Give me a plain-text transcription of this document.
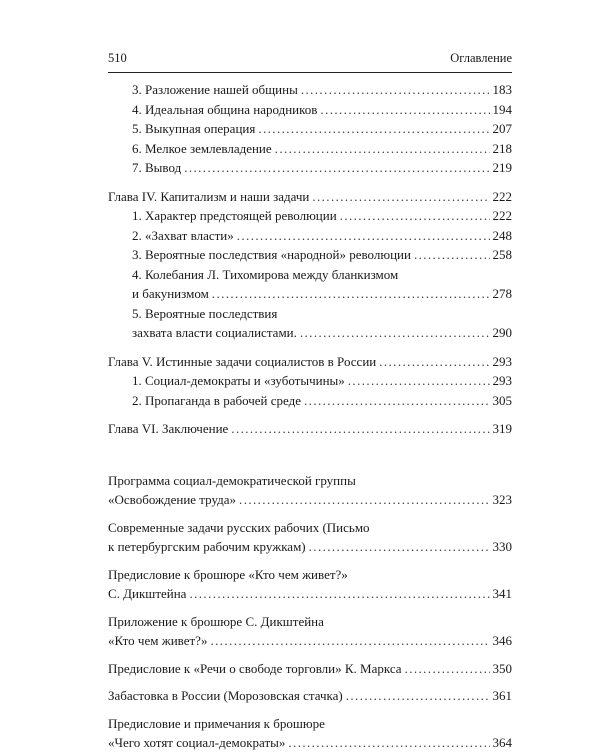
510	Оглавление
3. Разложение нашей общины .....	183
4. Идеальная община народников .....	194
5. Выкупная операция .....	207
6. Мелкое землевладение .....	218
7. Вывод .....	219
Глава IV. Капитализм и наши задачи .....	222
1. Характер предстоящей революции .....	222
2. «Захват власти» .....	248
3. Вероятные последствия «народной» революции .....	258
4. Колебания Л. Тихомирова между бланкизмом
и бакунизмом .....	278
5. Вероятные последствия
захвата власти социалистами. .....	290
Глава V. Истинные задачи социалистов в России .....	293
1. Социал-демократы и «зуботычины» .....	293
2. Пропаганда в рабочей среде .....	305
Глава VI. Заключение .....	319
Программа социал-демократической группы
«Освобождение труда» .....	323
Современные задачи русских рабочих (Письмо
к петербургским рабочим кружкам) .....	330
Предисловие к брошюре «Кто чем живет?»
С. Дикштейна .....	341
Приложение к брошюре С. Дикштейна
«Кто чем живет?» .....	346
Предисловие к «Речи о свободе торговли» К. Маркса .....	350
Забастовка в России (Морозовская стачка) .....	361
Предисловие и примечания к брошюре
«Чего хотят социал-демократы» .....	364
